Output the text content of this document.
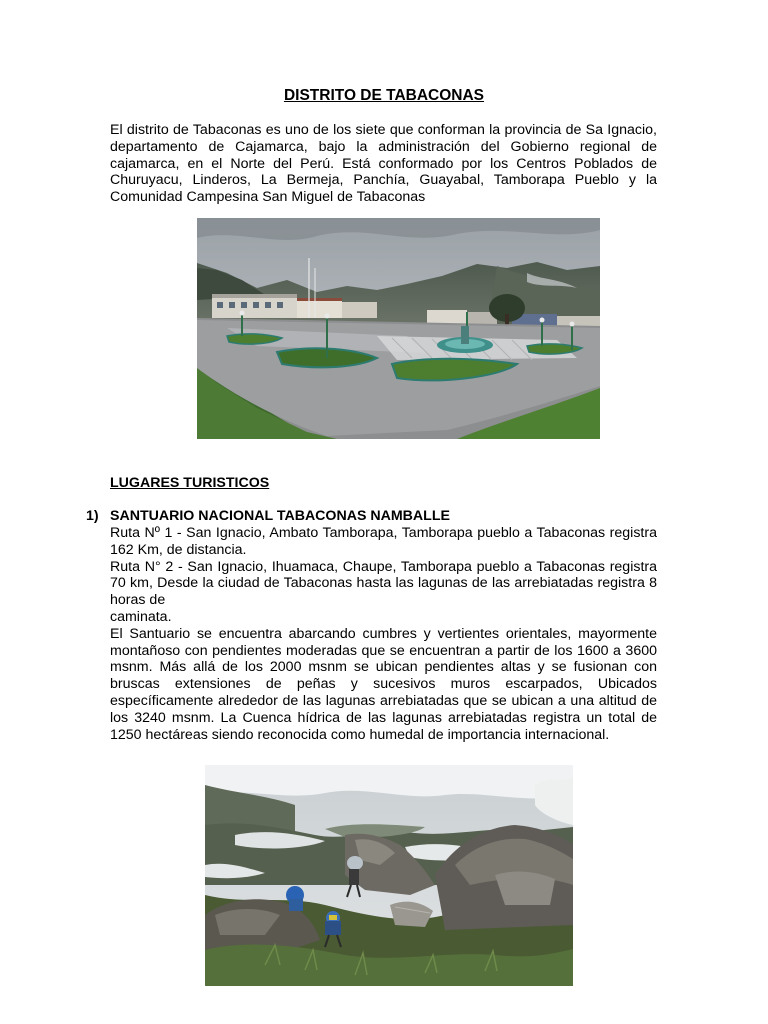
DISTRITO DE TABACONAS

El distrito de Tabaconas es uno de los siete que conforman la provincia de Sa Ignacio, departamento de Cajamarca, bajo la administración del Gobierno regional de cajamarca, en el Norte del Perú. Está conformado por los Centros Poblados de Churuyacu, Linderos, La Bermeja, Panchía, Guayabal, Tamborapa Pueblo y la Comunidad Campesina San Miguel de Tabaconas

LUGARES TURISTICOS
1) SANTUARIO NACIONAL TABACONAS NAMBALLE
Ruta Nº 1 - San Ignacio, Ambato Tamborapa, Tamborapa pueblo a Tabaconas registra 162 Km, de distancia.
Ruta N° 2 - San Ignacio, Ihuamaca, Chaupe, Tamborapa pueblo a Tabaconas registra 70 km, Desde la ciudad de Tabaconas hasta las lagunas de las arrebiatadas registra 8 horas de
caminata.
El Santuario se encuentra abarcando cumbres y vertientes orientales, mayormente montañoso con pendientes moderadas que se encuentran a partir de los 1600 a 3600 msnm. Más allá de los 2000 msnm se ubican pendientes altas y se fusionan con bruscas extensiones de peñas y sucesivos muros escarpados, Ubicados específicamente alrededor de las lagunas arrebiatadas que se ubican a una altitud de los 3240 msnm. La Cuenca hídrica de las lagunas arrebiatadas registra un total de 1250 hectáreas siendo reconocida como humedal de importancia internacional.
